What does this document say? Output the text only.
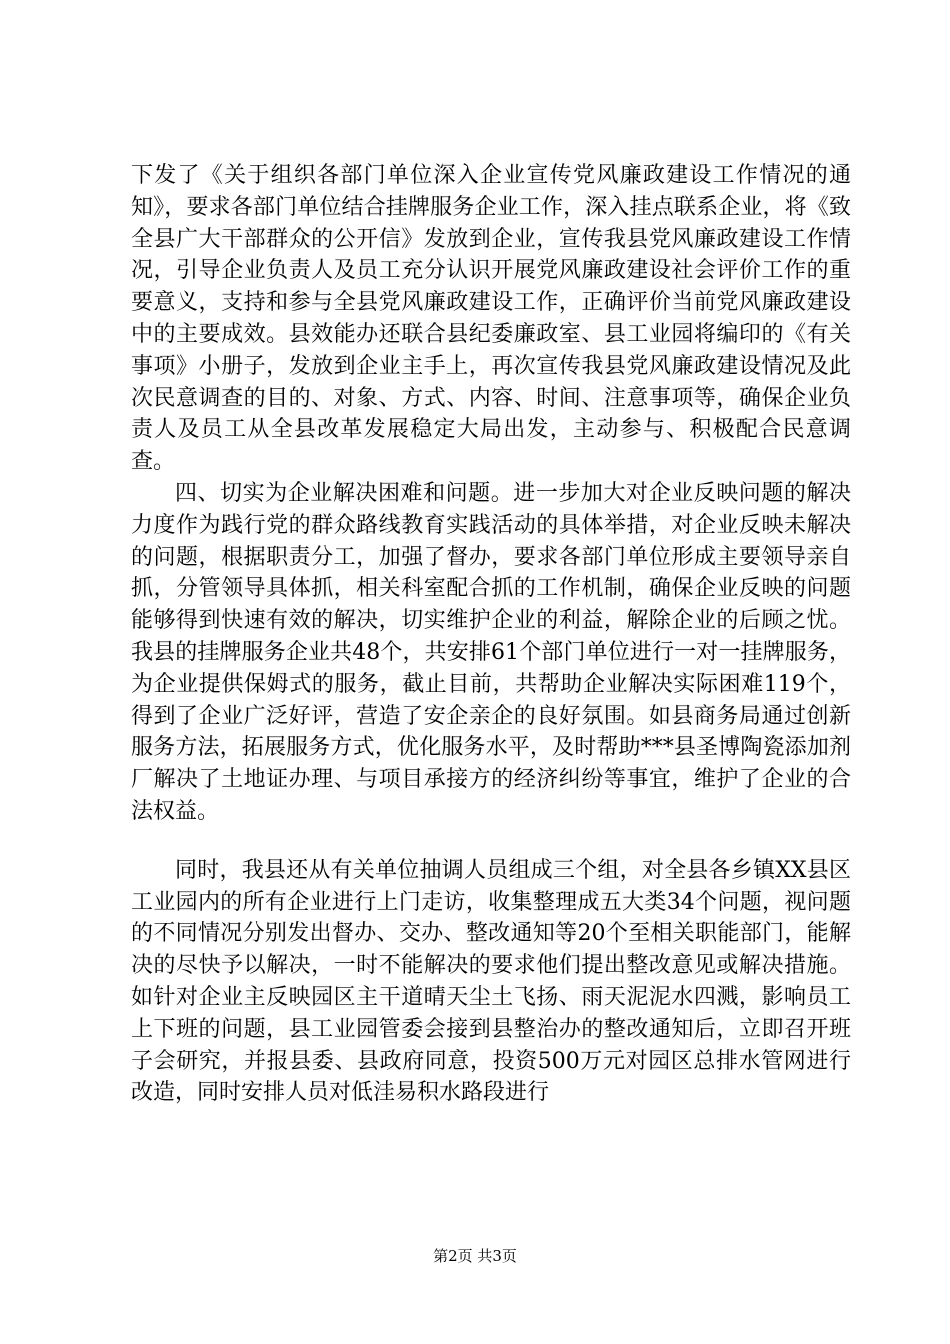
下发了《关于组织各部门单位深入企业宣传党风廉政建设工作情况的通知》，要求各部门单位结合挂牌服务企业工作，深入挂点联系企业，将《致全县广大干部群众的公开信》发放到企业，宣传我县党风廉政建设工作情况，引导企业负责人及员工充分认识开展党风廉政建设社会评价工作的重要意义，支持和参与全县党风廉政建设工作，正确评价当前党风廉政建设中的主要成效。县效能办还联合县纪委廉政室、县工业园将编印的《有关事项》小册子，发放到企业主手上，再次宣传我县党风廉政建设情况及此次民意调查的目的、对象、方式、内容、时间、注意事项等，确保企业负责人及员工从全县改革发展稳定大局出发，主动参与、积极配合民意调查。

四、切实为企业解决困难和问题。进一步加大对企业反映问题的解决力度作为践行党的群众路线教育实践活动的具体举措，对企业反映未解决的问题，根据职责分工，加强了督办，要求各部门单位形成主要领导亲自抓，分管领导具体抓，相关科室配合抓的工作机制，确保企业反映的问题能够得到快速有效的解决，切实维护企业的利益，解除企业的后顾之忧。我县的挂牌服务企业共48个，共安排61个部门单位进行一对一挂牌服务，为企业提供保姆式的服务，截止目前，共帮助企业解决实际困难119个，得到了企业广泛好评，营造了安企亲企的良好氛围。如县商务局通过创新服务方法，拓展服务方式，优化服务水平，及时帮助***县圣博陶瓷添加剂厂解决了土地证办理、与项目承接方的经济纠纷等事宜，维护了企业的合法权益。

同时，我县还从有关单位抽调人员组成三个组，对全县各乡镇XX县区工业园内的所有企业进行上门走访，收集整理成五大类34个问题，视问题的不同情况分别发出督办、交办、整改通知等20个至相关职能部门，能解决的尽快予以解决，一时不能解决的要求他们提出整改意见或解决措施。如针对企业主反映园区主干道晴天尘土飞扬、雨天泥泥水四溅，影响员工上下班的问题，县工业园管委会接到县整治办的整改通知后，立即召开班子会研究，并报县委、县政府同意，投资500万元对园区总排水管网进行改造，同时安排人员对低洼易积水路段进行

第2页 共3页
